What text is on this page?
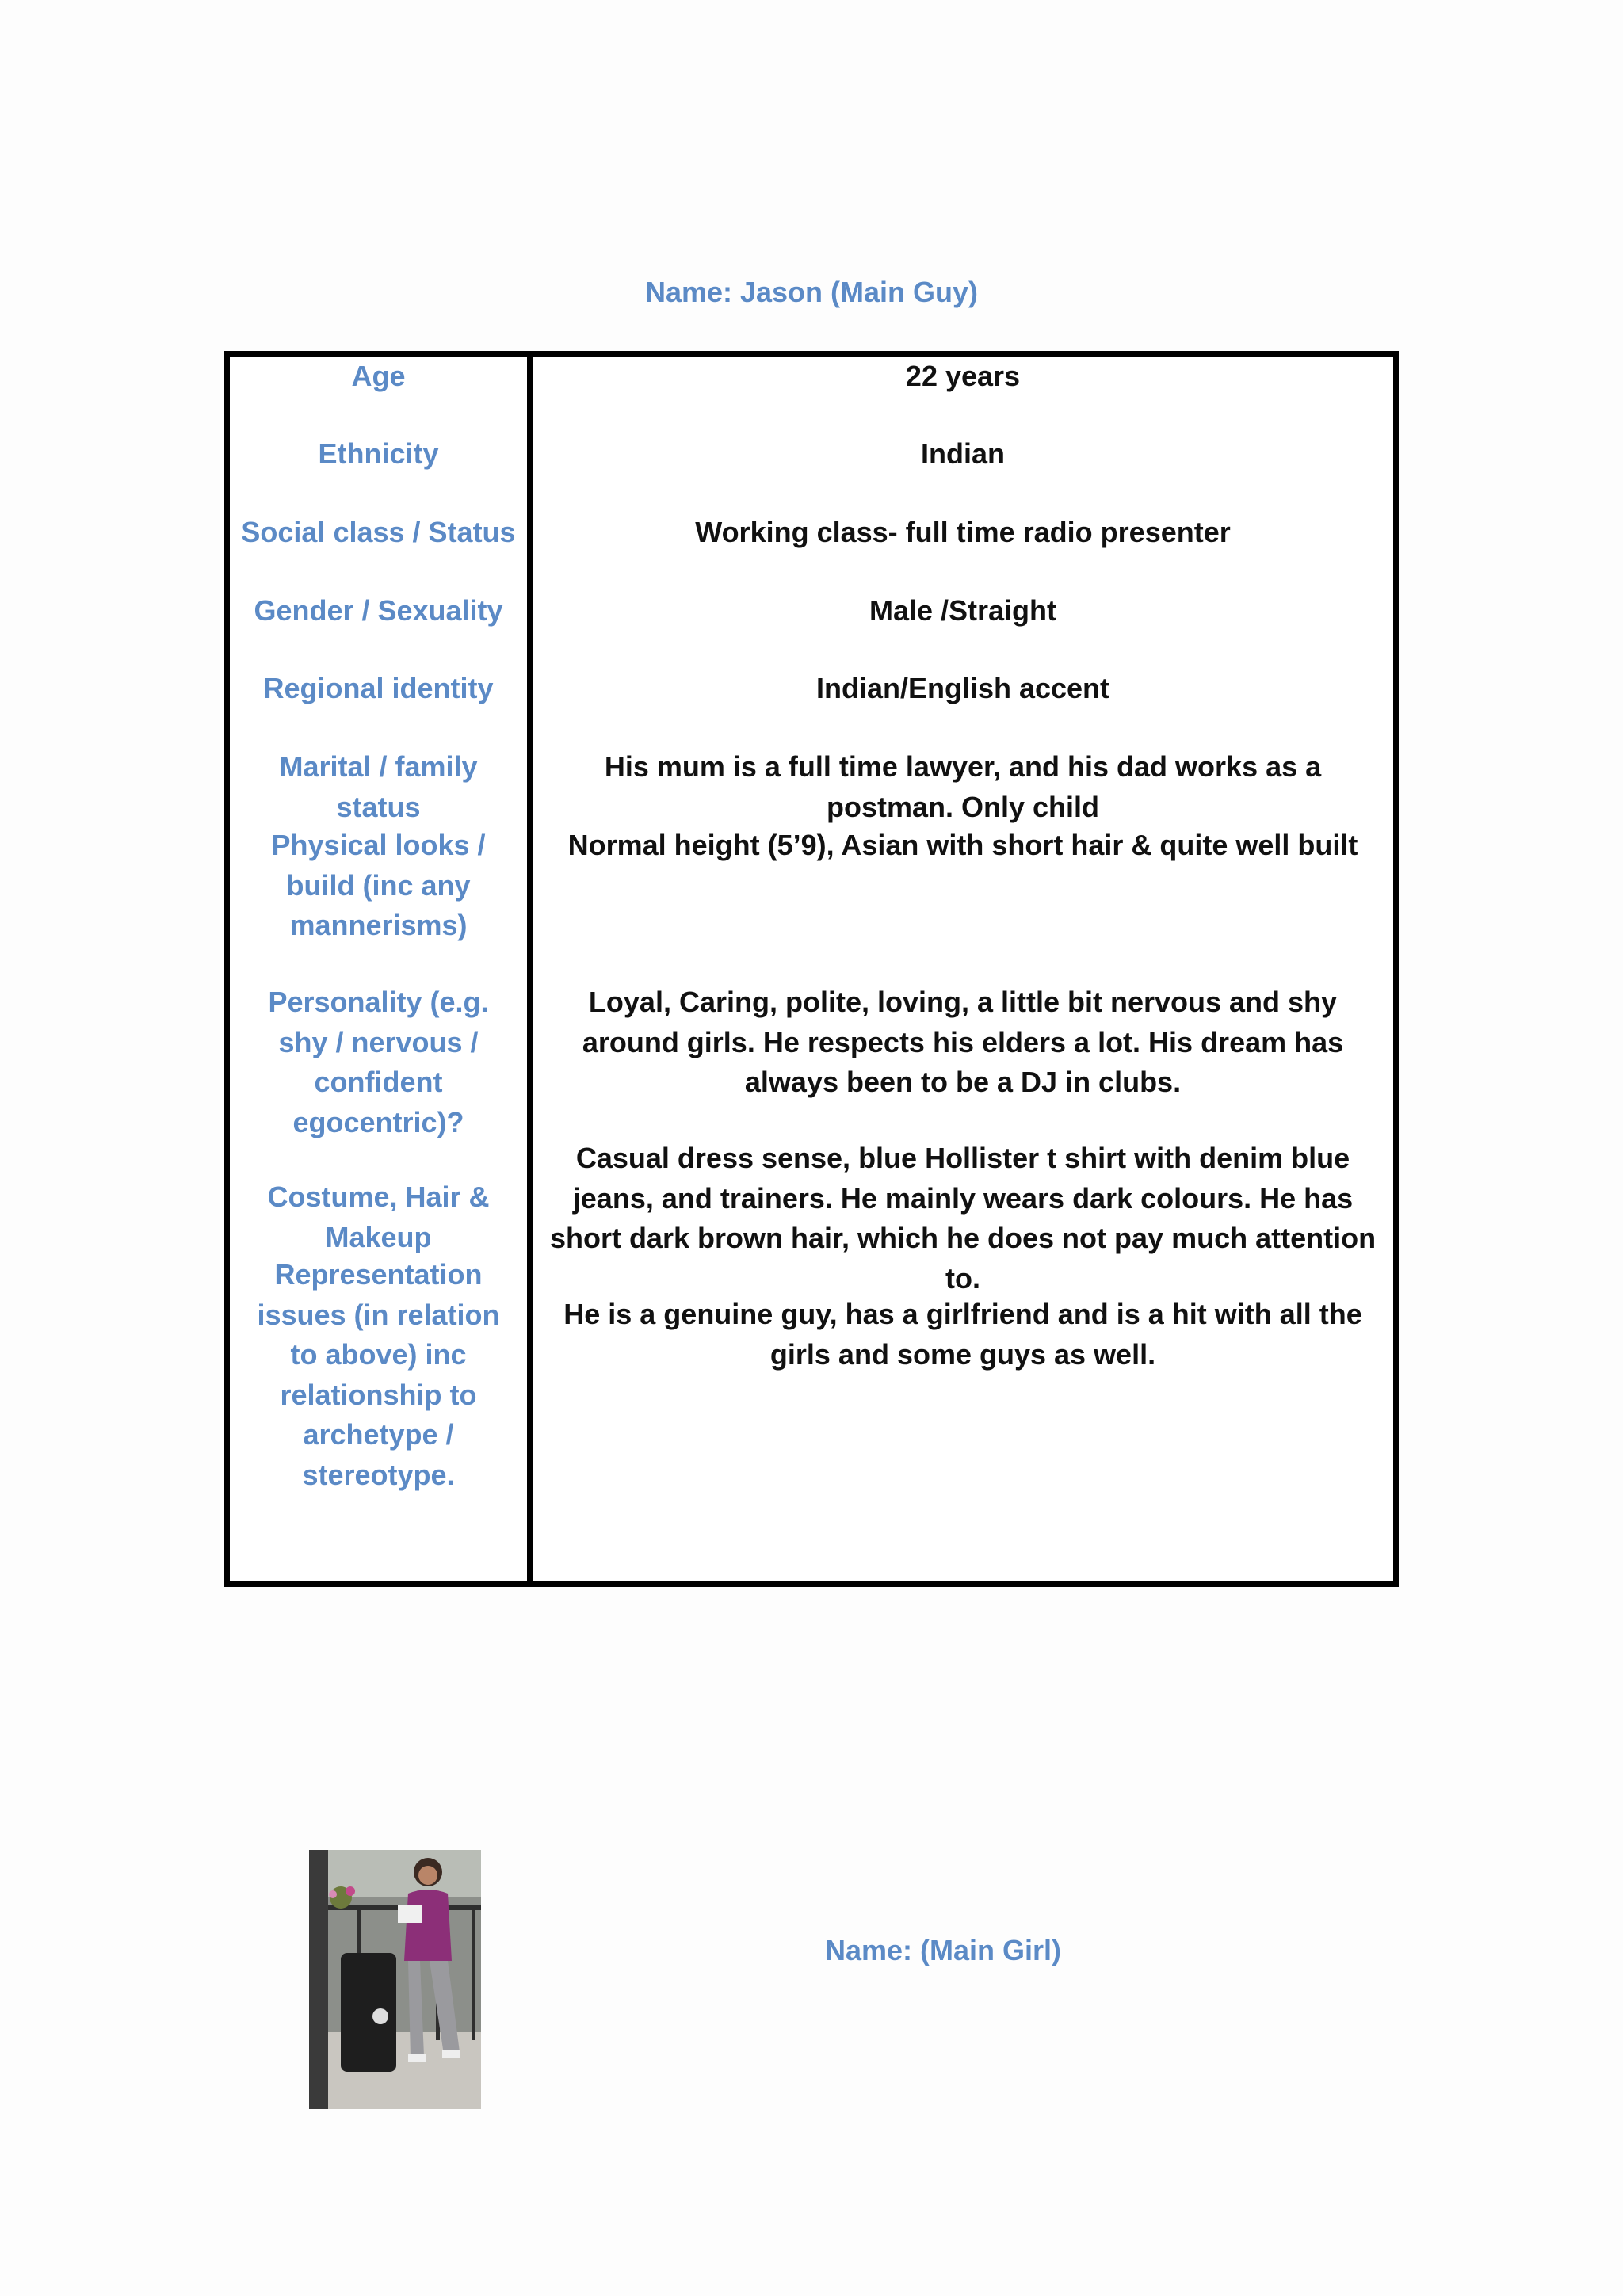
Name: Jason (Main Guy)
Age
Ethnicity
Social class / Status
Gender / Sexuality
Regional identity
Marital / family status
Physical looks / build (inc any mannerisms)
Personality (e.g. shy / nervous / confident egocentric)?
Costume, Hair & Makeup
Representation issues (in relation to above) inc relationship to archetype / stereotype.
22 years
Indian
Working class- full time radio presenter
Male /Straight
Indian/English accent
His mum is a full time lawyer, and his dad works as a postman. Only child
Normal height (5’9), Asian with short hair & quite well built
Loyal, Caring, polite, loving, a little bit nervous and shy around girls. He respects his elders a lot. His dream has always been to be a DJ in clubs.
Casual dress sense, blue Hollister t shirt with denim blue jeans, and trainers. He mainly wears dark colours. He has short dark brown hair, which he does not pay much attention to.
He is a genuine guy, has a girlfriend and is a hit with all the girls and some guys as well.
Name: (Main Girl)
